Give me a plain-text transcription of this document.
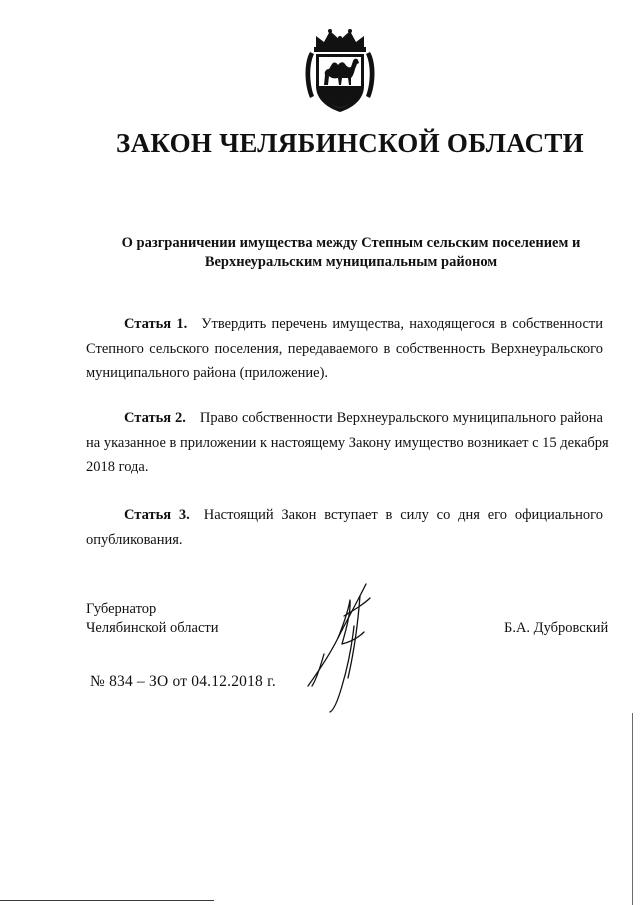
ЗАКОН ЧЕЛЯБИНСКОЙ ОБЛАСТИ
О разграничении имущества между Степным сельским поселением и
Верхнеуральским муниципальным районом
Статья 1. Утвердить перечень имущества, находящегося в собственности
Степного сельского поселения, передаваемого в собственность Верхнеуральского
муниципального района (приложение).
Статья 2. Право собственности Верхнеуральского муниципального района
на указанное в приложении к настоящему Закону имущество возникает с 15 декабря
2018 года.
Статья 3. Настоящий Закон вступает в силу со дня его официального
опубликования.
Губернатор
Челябинской области	Б.А. Дубровский
№ 834 – ЗО от 04.12.2018 г.
